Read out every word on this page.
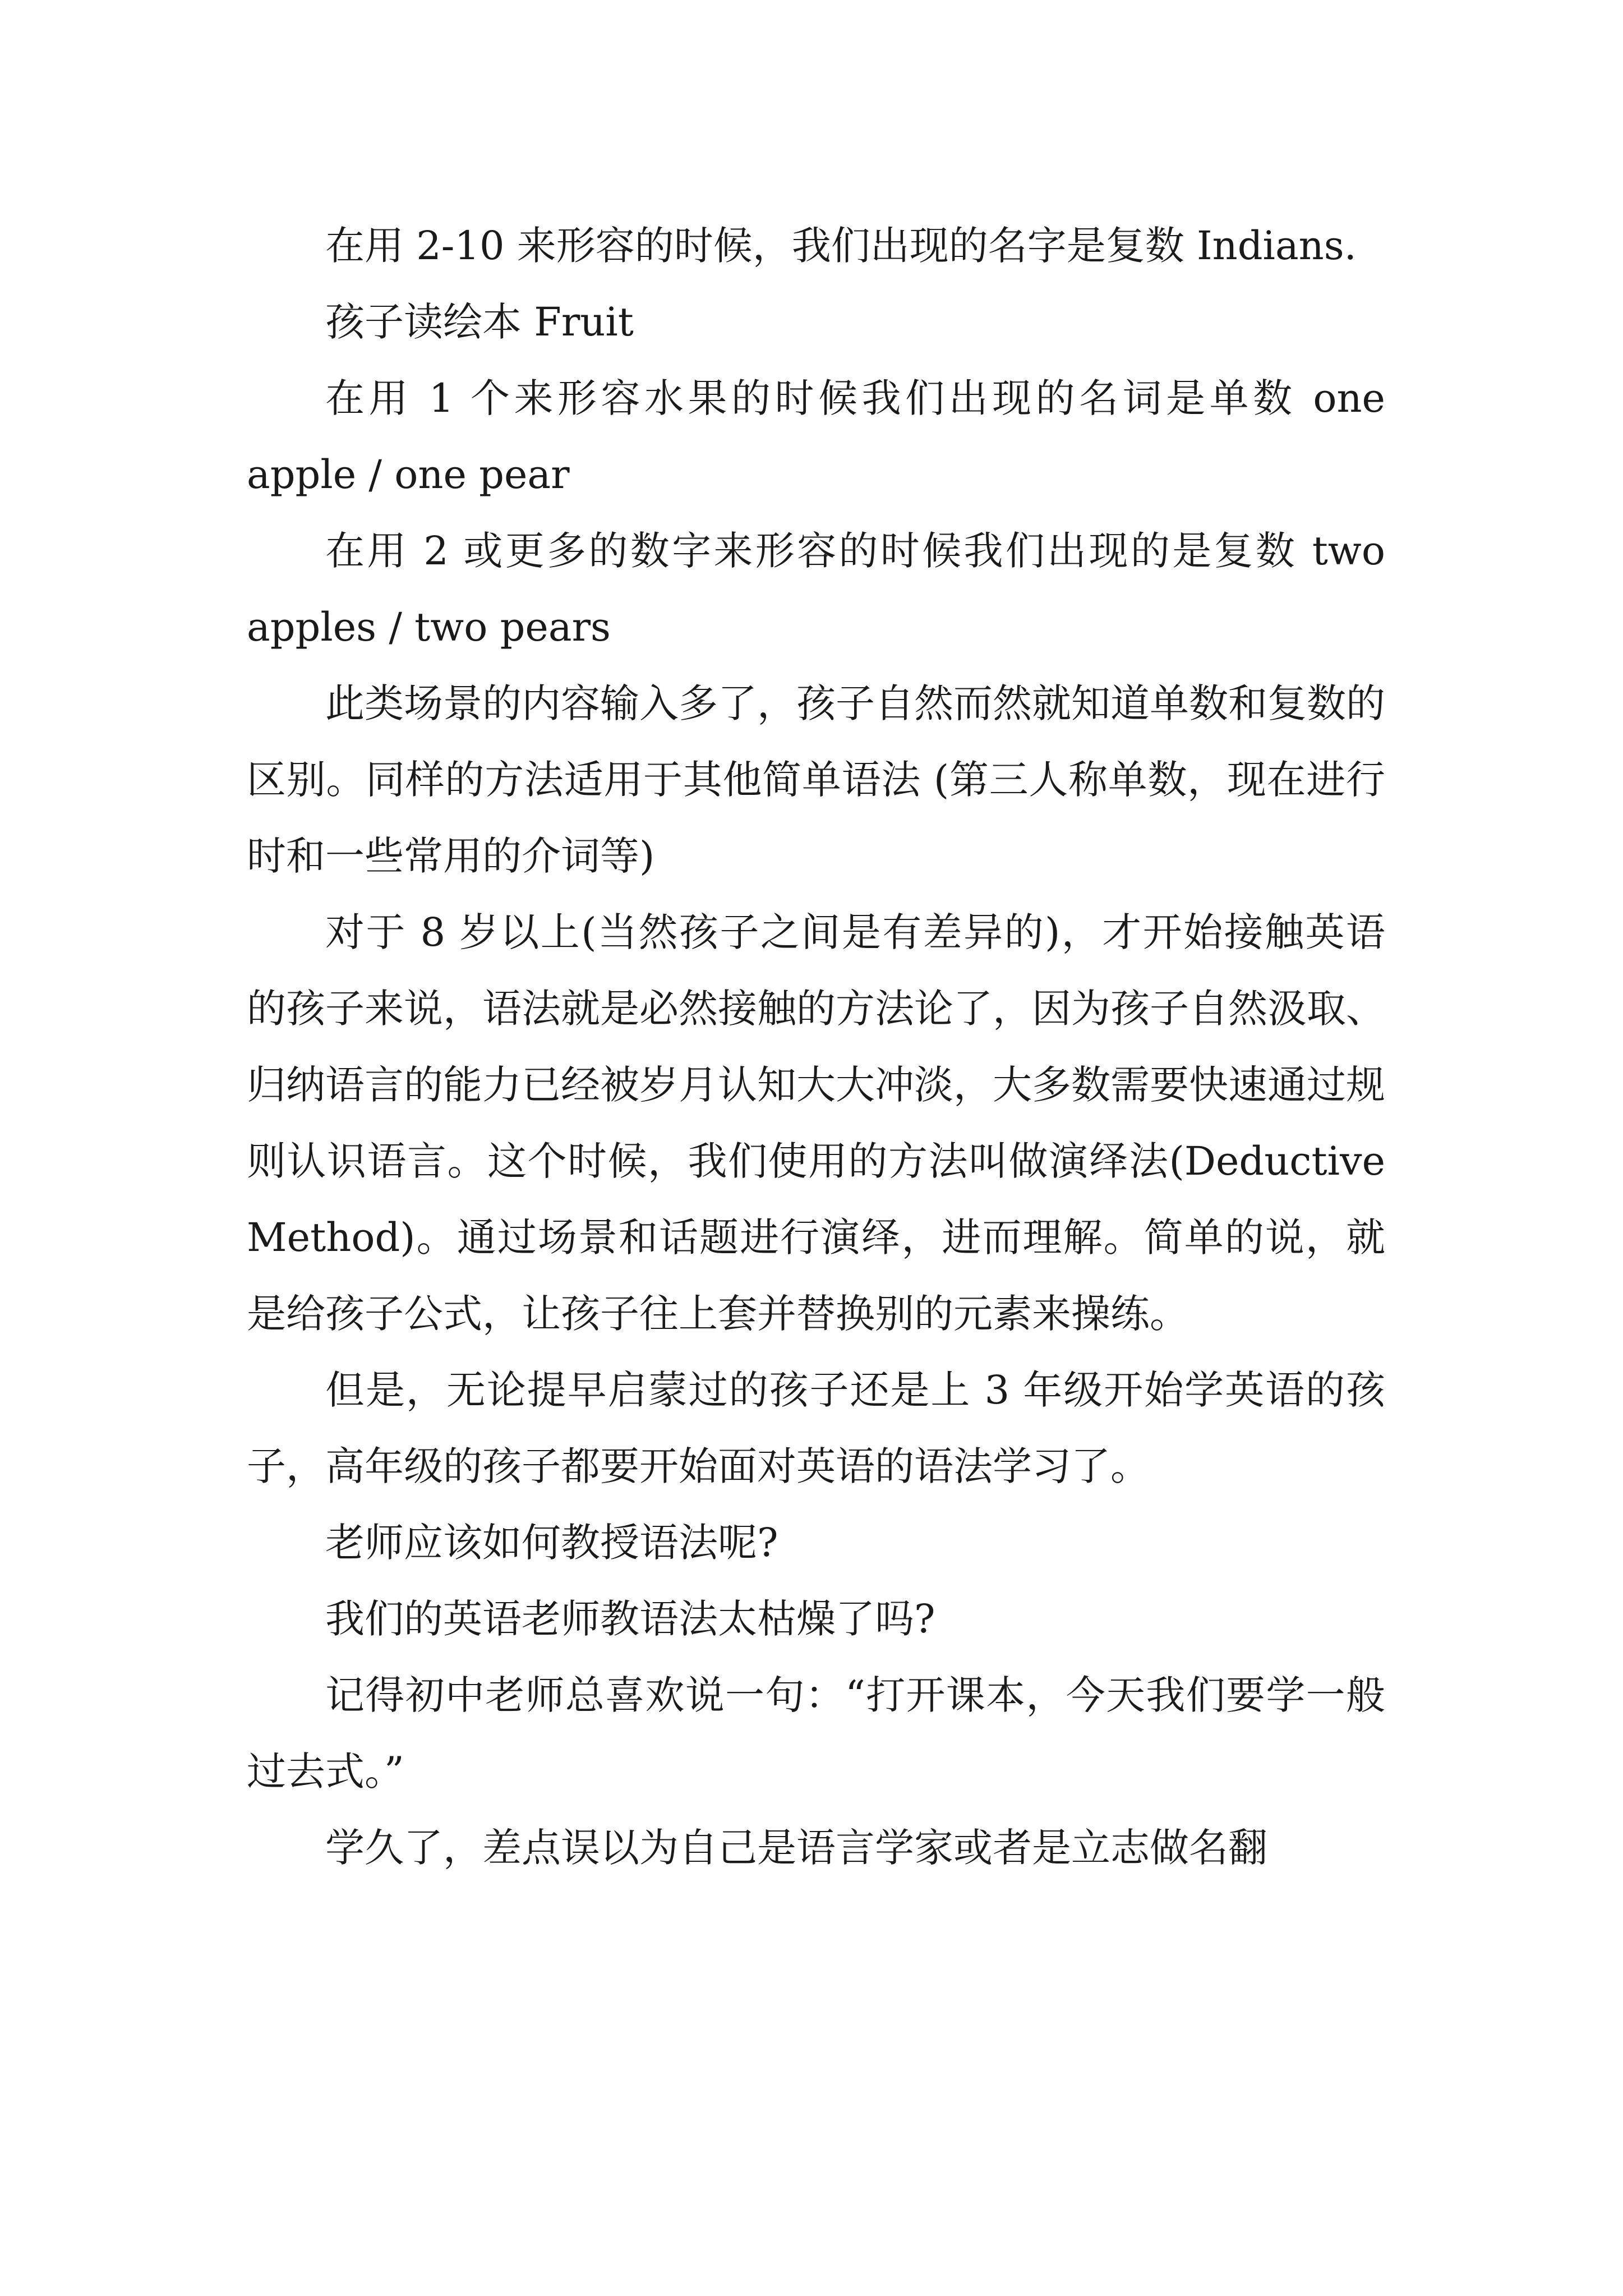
在用 2-10 来形容的时候，我们出现的名字是复数 Indians.

孩子读绘本 Fruit

在用 1 个来形容水果的时候我们出现的名词是单数 one apple / one pear

在用 2 或更多的数字来形容的时候我们出现的是复数 two apples / two pears

此类场景的内容输入多了，孩子自然而然就知道单数和复数的区别。同样的方法适用于其他简单语法 (第三人称单数，现在进行时和一些常用的介词等)

对于 8 岁以上(当然孩子之间是有差异的)，才开始接触英语的孩子来说，语法就是必然接触的方法论了，因为孩子自然汲取、归纳语言的能力已经被岁月认知大大冲淡，大多数需要快速通过规则认识语言。这个时候，我们使用的方法叫做演绎法(Deductive Method)。通过场景和话题进行演绎，进而理解。简单的说，就是给孩子公式，让孩子往上套并替换别的元素来操练。

但是，无论提早启蒙过的孩子还是上 3 年级开始学英语的孩子，高年级的孩子都要开始面对英语的语法学习了。

老师应该如何教授语法呢?

我们的英语老师教语法太枯燥了吗?

记得初中老师总喜欢说一句：“打开课本，今天我们要学一般过去式。”

学久了，差点误以为自己是语言学家或者是立志做名翻
